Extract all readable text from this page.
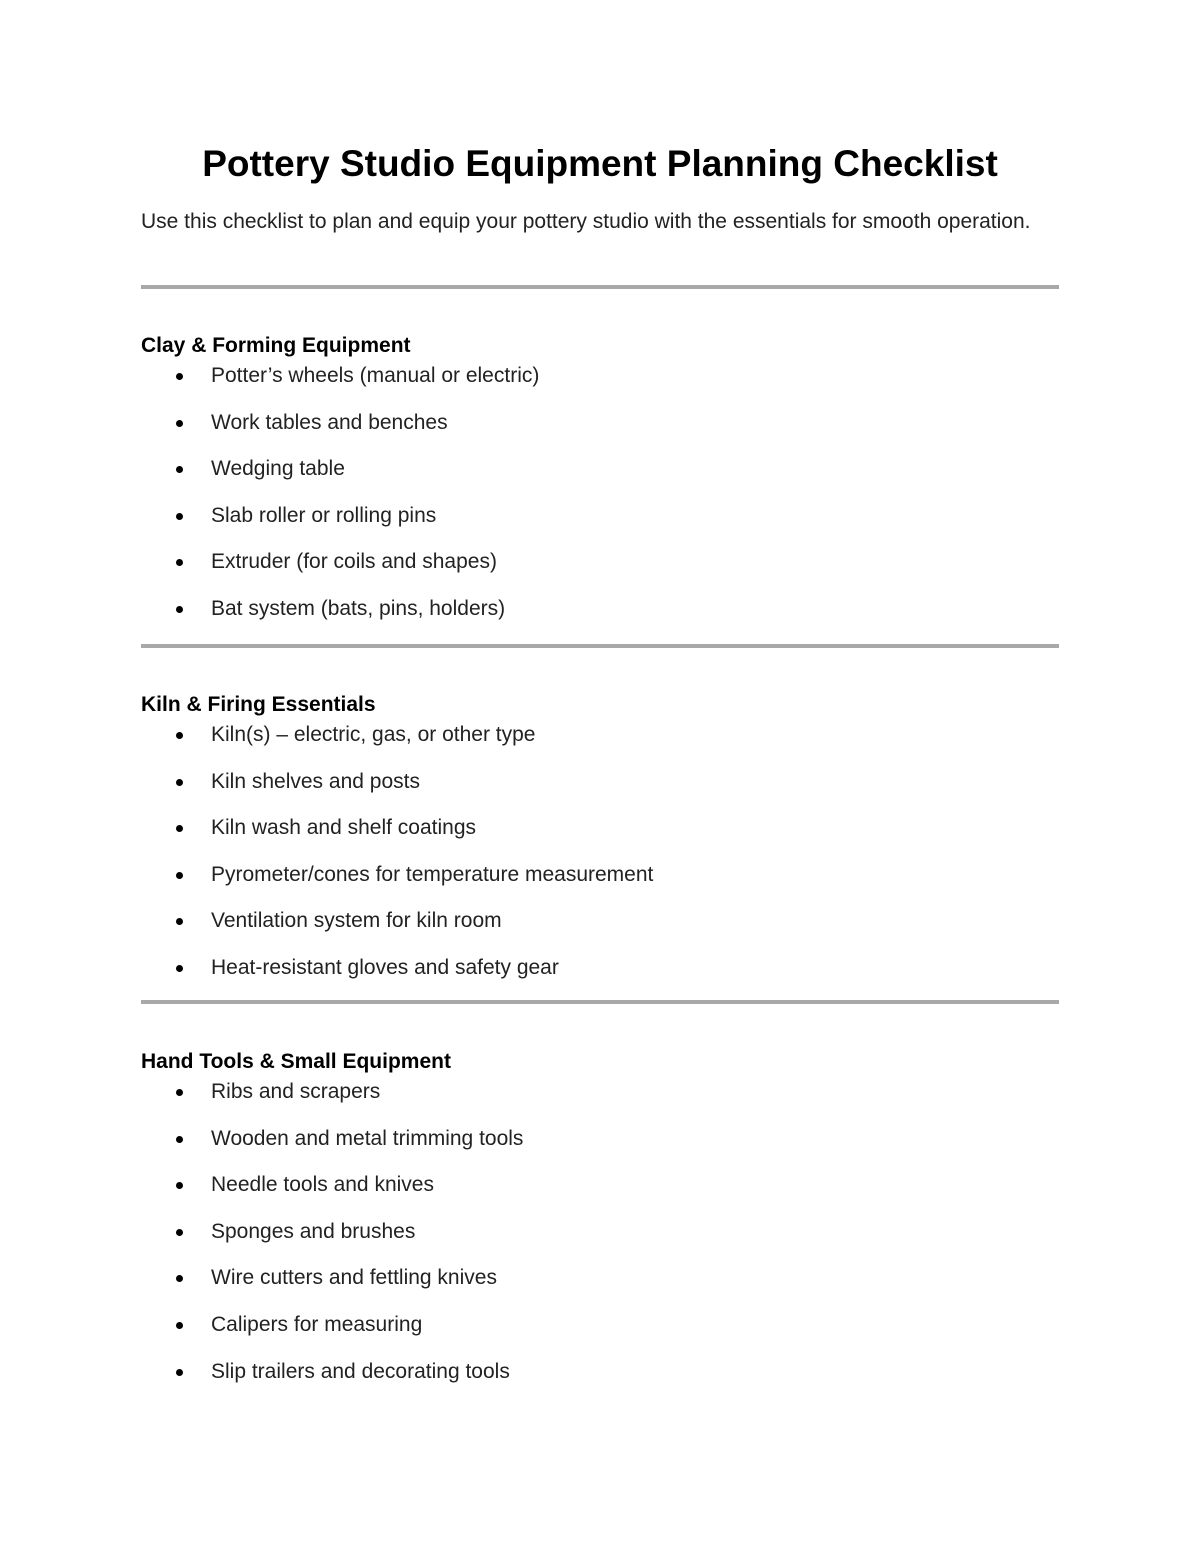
Pottery Studio Equipment Planning Checklist

Use this checklist to plan and equip your pottery studio with the essentials for smooth operation.

Clay & Forming Equipment
Potter’s wheels (manual or electric)
Work tables and benches
Wedging table
Slab roller or rolling pins
Extruder (for coils and shapes)
Bat system (bats, pins, holders)
Kiln & Firing Essentials
Kiln(s) – electric, gas, or other type
Kiln shelves and posts
Kiln wash and shelf coatings
Pyrometer/cones for temperature measurement
Ventilation system for kiln room
Heat-resistant gloves and safety gear
Hand Tools & Small Equipment
Ribs and scrapers
Wooden and metal trimming tools
Needle tools and knives
Sponges and brushes
Wire cutters and fettling knives
Calipers for measuring
Slip trailers and decorating tools
